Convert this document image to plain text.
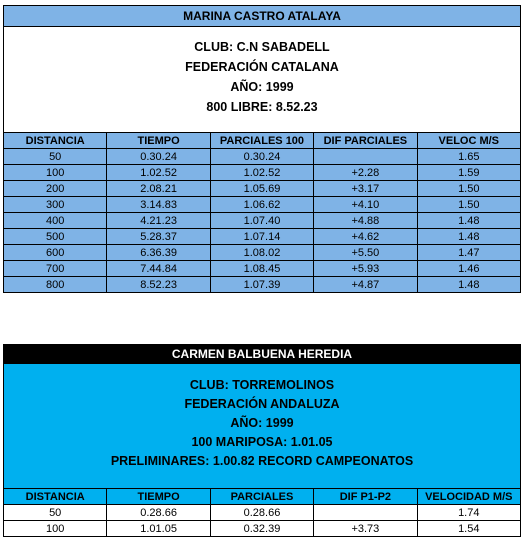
MARINA CASTRO ATALAYA
CLUB: C.N SABADELL
FEDERACIÓN CATALANA
AÑO: 1999
800 LIBRE: 8.52.23
DISTANCIA	TIEMPO	PARCIALES 100	DIF PARCIALES	VELOC M/S
50	0.30.24	0.30.24		1.65
100	1.02.52	1.02.52	+2.28	1.59
200	2.08.21	1.05.69	+3.17	1.50
300	3.14.83	1.06.62	+4.10	1.50
400	4.21.23	1.07.40	+4.88	1.48
500	5.28.37	1.07.14	+4.62	1.48
600	6.36.39	1.08.02	+5.50	1.47
700	7.44.84	1.08.45	+5.93	1.46
800	8.52.23	1.07.39	+4.87	1.48
CARMEN BALBUENA HEREDIA
CLUB: TORREMOLINOS
FEDERACIÓN ANDALUZA
AÑO: 1999
100 MARIPOSA: 1.01.05
PRELIMINARES: 1.00.82 RECORD CAMPEONATOS
DISTANCIA	TIEMPO	PARCIALES	DIF P1-P2	VELOCIDAD M/S
50	0.28.66	0.28.66		1.74
100	1.01.05	0.32.39	+3.73	1.54
